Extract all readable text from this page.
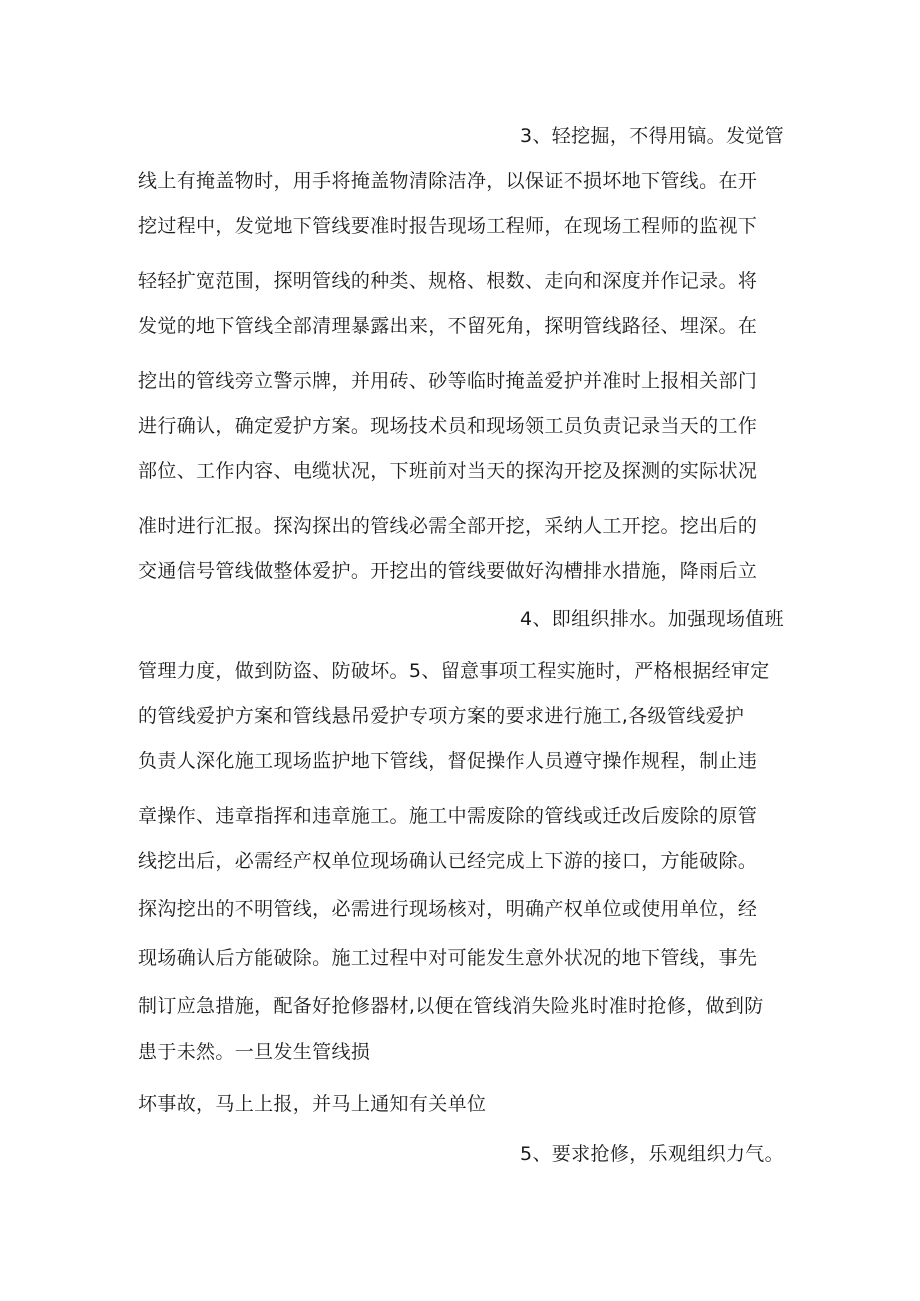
3、轻挖掘，不得用镐。发觉管
线上有掩盖物时，用手将掩盖物清除洁净，以保证不损坏地下管线。在开
挖过程中，发觉地下管线要准时报告现场工程师，在现场工程师的监视下
轻轻扩宽范围，探明管线的种类、规格、根数、走向和深度并作记录。将
发觉的地下管线全部清理暴露出来，不留死角，探明管线路径、埋深。在
挖出的管线旁立警示牌，并用砖、砂等临时掩盖爱护并准时上报相关部门
进行确认，确定爱护方案。现场技术员和现场领工员负责记录当天的工作
部位、工作内容、电缆状况，下班前对当天的探沟开挖及探测的实际状况
准时进行汇报。探沟探出的管线必需全部开挖，采纳人工开挖。挖出后的
交通信号管线做整体爱护。开挖出的管线要做好沟槽排水措施，降雨后立
4、即组织排水。加强现场值班
管理力度，做到防盗、防破坏。5、留意事项工程实施时，严格根据经审定
的管线爱护方案和管线悬吊爱护专项方案的要求进行施工,各级管线爱护
负责人深化施工现场监护地下管线，督促操作人员遵守操作规程，制止违
章操作、违章指挥和违章施工。施工中需废除的管线或迁改后废除的原管
线挖出后，必需经产权单位现场确认已经完成上下游的接口，方能破除。
探沟挖出的不明管线，必需进行现场核对，明确产权单位或使用单位，经
现场确认后方能破除。施工过程中对可能发生意外状况的地下管线，事先
制订应急措施，配备好抢修器材,以便在管线消失险兆时准时抢修，做到防
患于未然。一旦发生管线损
坏事故，马上上报，并马上通知有关单位
5、要求抢修，乐观组织力气。
